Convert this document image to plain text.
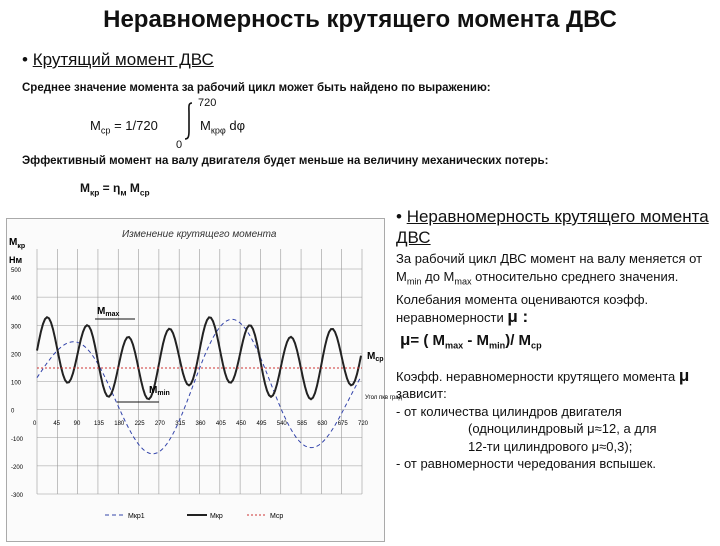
Неравномерность крутящего момента ДВС
• Крутящий момент ДВС
Среднее значение момента за рабочий цикл может быть найдено по выражению:
720
0
$M_{ср} = 1/720$	$M_{кр\varphi}$ dφ
Эффективный момент на валу двигателя будет меньше на величину механических потерь:
$M_{кр} = \eta_м$ $M_{ср}$
Изменение крутящего момента
$M_{кр}$
Нм
500
400
300
200
100
0
-100
-200
-300
0	45 90 135 180 225 270 315 360 405 450 495 540 585 630 675 720
$M_{max}$
$M_{min}$
$M_{ср}$
Угол пкв град
Мкр1	Мкр	Мср
• Неравномерность крутящего момента ДВС

За рабочий цикл ДВС момент на валу меняется от $M_{min}$ до $M_{max}$ относительно среднего значения.

Колебания момента оцениваются коэфф. неравномерности μ :

μ= ( $M_{max} - M_{min})/$ $M_{ср}$

Коэфф. неравномерности крутящего момента μ зависит:

- от количества цилиндров двигателя

(одноцилиндровый μ≈12, а для

12-ти цилиндрового μ≈0,3);

- от равномерности чередования вспышек.
